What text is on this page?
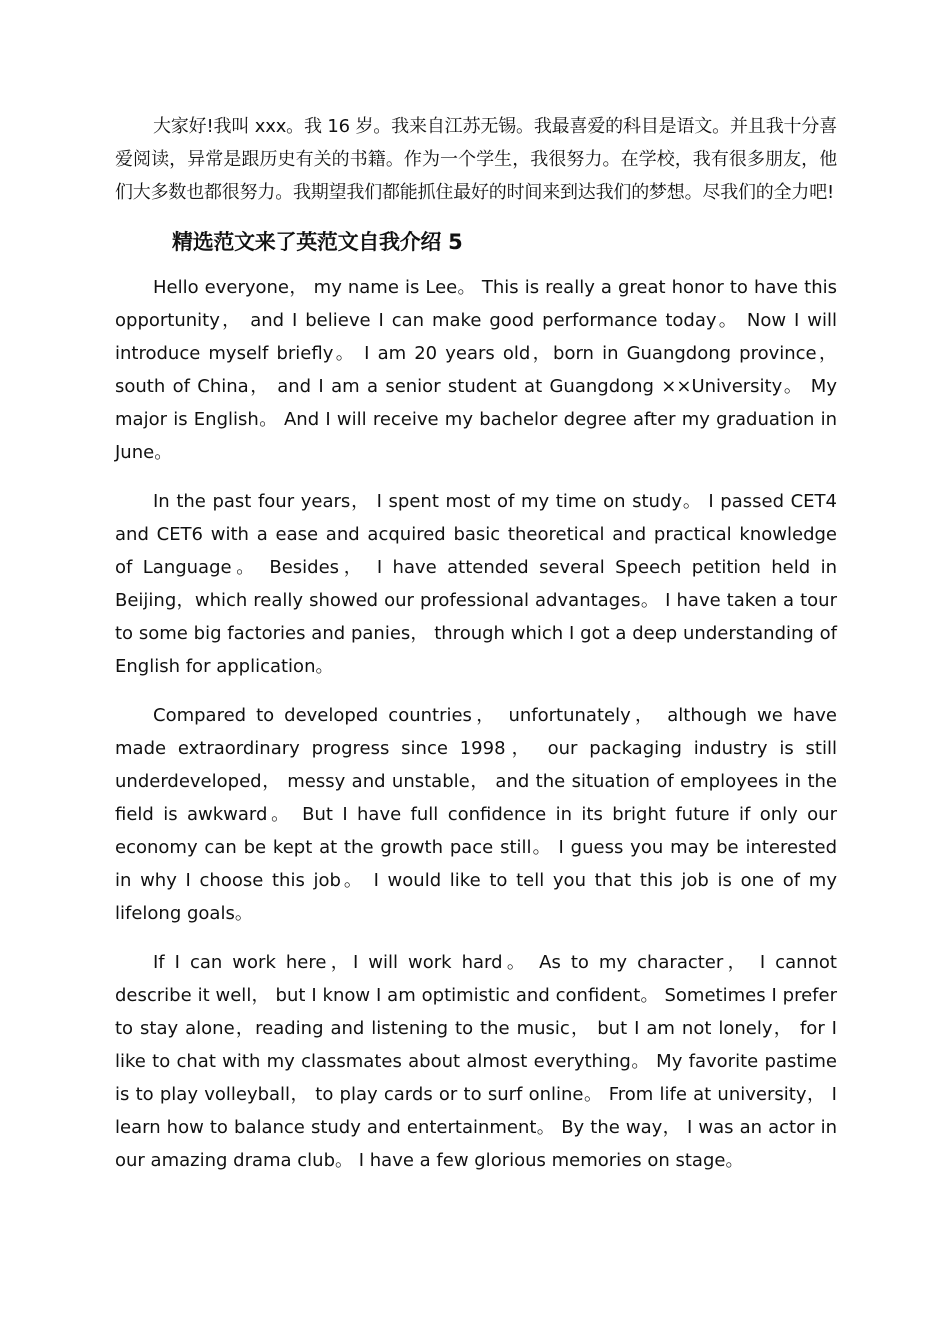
大家好!我叫 xxx。我 16 岁。我来自江苏无锡。我最喜爱的科目是语文。并且我十分喜爱阅读，异常是跟历史有关的书籍。作为一个学生，我很努力。在学校，我有很多朋友，他们大多数也都很努力。我期望我们都能抓住最好的时间来到达我们的梦想。尽我们的全力吧!

精选范文来了英范文自我介绍 5

Hello everyone， my name is Lee。 This is really a great honor to have this opportunity， and I believe I can make good performance today。 Now I will introduce myself briefly。 I am 20 years old，born in Guangdong province， south of China， and I am a senior student at Guangdong ××University。 My major is English。 And I will receive my bachelor degree after my graduation in June。

In the past four years， I spent most of my time on study。 I passed CET4 and CET6 with a ease and acquired basic theoretical and practical knowledge of Language。 Besides， I have attended several Speech petition held in Beijing，which really showed our professional advantages。 I have taken a tour to some big factories and panies， through which I got a deep understanding of English for application。

Compared to developed countries， unfortunately， although we have made extraordinary progress since 1998， our packaging industry is still underdeveloped， messy and unstable， and the situation of employees in the field is awkward。 But I have full confidence in its bright future if only our economy can be kept at the growth pace still。 I guess you may be interested in why I choose this job。 I would like to tell you that this job is one of my lifelong goals。

If I can work here，I will work hard。 As to my character， I cannot describe it well， but I know I am optimistic and confident。 Sometimes I prefer to stay alone，reading and listening to the music， but I am not lonely， for I like to chat with my classmates about almost everything。 My favorite pastime is to play volleyball， to play cards or to surf online。 From life at university， I learn how to balance study and entertainment。 By the way， I was an actor in our amazing drama club。 I have a few glorious memories on stage。
